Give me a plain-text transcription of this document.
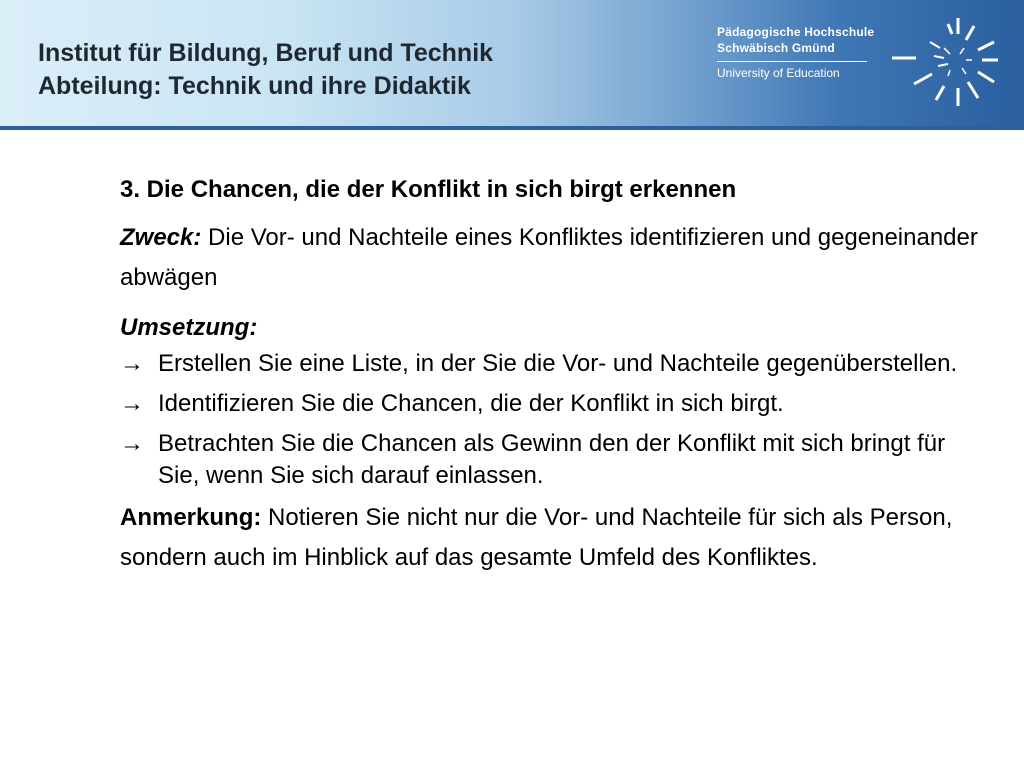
Institut für Bildung, Beruf und Technik
Abteilung: Technik und ihre Didaktik
Pädagogische Hochschule
Schwäbisch Gmünd
University of Education
3. Die Chancen, die der Konflikt in sich birgt erkennen
Zweck: Die Vor- und Nachteile eines Konfliktes identifizieren und gegeneinander abwägen
Umsetzung:
→ Erstellen Sie eine Liste, in der Sie die Vor- und Nachteile gegenüberstellen.
→ Identifizieren Sie die Chancen, die der Konflikt in sich birgt.
→ Betrachten Sie die Chancen als Gewinn den der Konflikt mit sich bringt für Sie, wenn Sie sich darauf einlassen.
Anmerkung: Notieren Sie nicht nur die Vor- und Nachteile für sich als Person, sondern auch im Hinblick auf das gesamte Umfeld des Konfliktes.
